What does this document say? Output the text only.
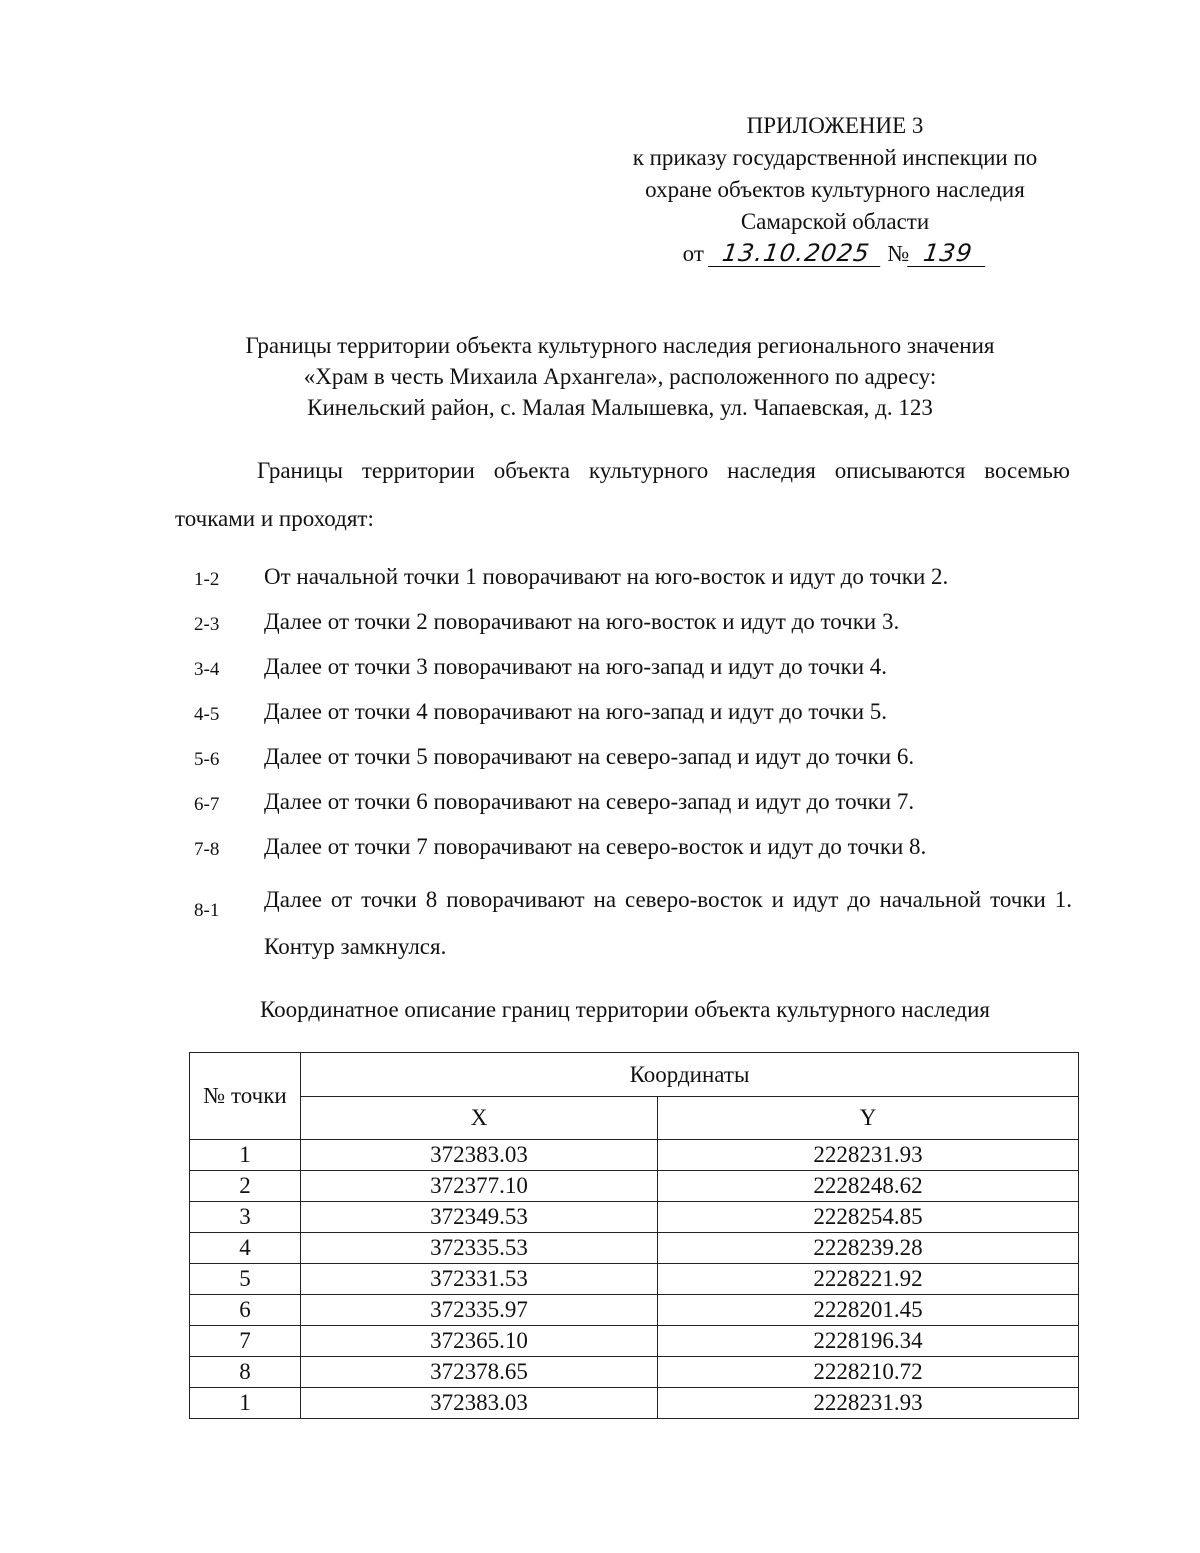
ПРИЛОЖЕНИЕ 3
к приказу государственной инспекции по
охране объектов культурного наследия
Самарской области
от 13.10.2025 № 139
Границы территории объекта культурного наследия регионального значения
«Храм в честь Михаила Архангела», расположенного по адресу:
Кинельский район, с. Малая Малышевка, ул. Чапаевская, д. 123
Границы территории объекта культурного наследия описываются восемью точками и проходят:
1-2	От начальной точки 1 поворачивают на юго-восток и идут до точки 2.
2-3	Далее от точки 2 поворачивают на юго-восток и идут до точки 3.
3-4	Далее от точки 3 поворачивают на юго-запад и идут до точки 4.
4-5	Далее от точки 4 поворачивают на юго-запад и идут до точки 5.
5-6	Далее от точки 5 поворачивают на северо-запад и идут до точки 6.
6-7	Далее от точки 6 поворачивают на северо-запад и идут до точки 7.
7-8	Далее от точки 7 поворачивают на северо-восток и идут до точки 8.
8-1	Далее от точки 8 поворачивают на северо-восток и идут до начальной точки 1. Контур замкнулся.
Координатное описание границ территории объекта культурного наследия
№ точки	Координаты	
	X	Y
1	372383.03	2228231.93
2	372377.10	2228248.62
3	372349.53	2228254.85
4	372335.53	2228239.28
5	372331.53	2228221.92
6	372335.97	2228201.45
7	372365.10	2228196.34
8	372378.65	2228210.72
1	372383.03	2228231.93
